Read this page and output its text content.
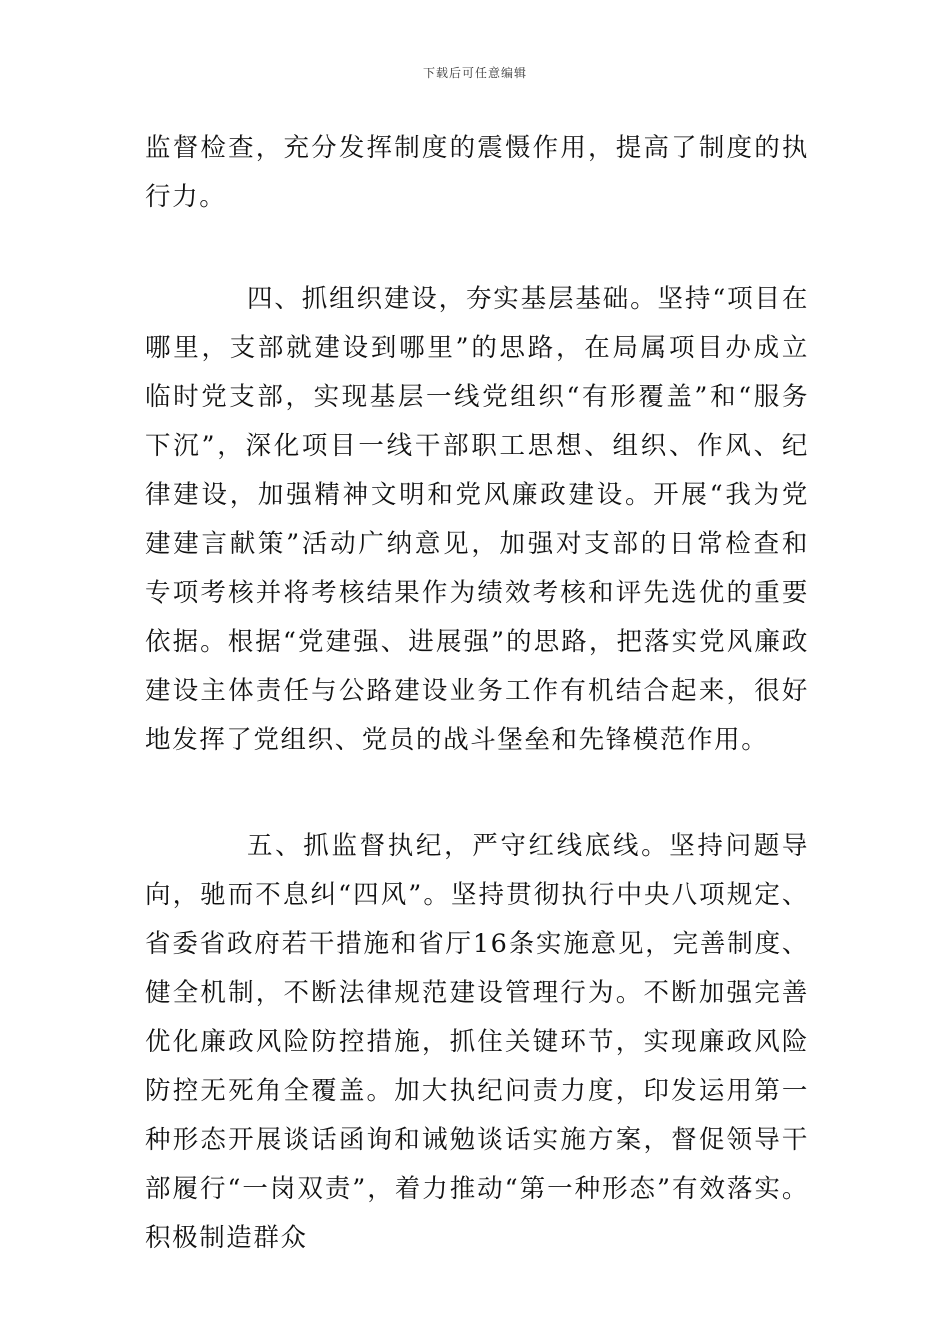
下载后可任意编辑

监督检查，充分发挥制度的震慑作用，提高了制度的执行力。

四、抓组织建设，夯实基层基础。坚持“项目在哪里，支部就建设到哪里”的思路，在局属项目办成立临时党支部，实现基层一线党组织“有形覆盖”和“服务下沉”，深化项目一线干部职工思想、组织、作风、纪律建设，加强精神文明和党风廉政建设。开展“我为党建建言献策”活动广纳意见，加强对支部的日常检查和专项考核并将考核结果作为绩效考核和评先选优的重要依据。根据“党建强、进展强”的思路，把落实党风廉政建设主体责任与公路建设业务工作有机结合起来，很好地发挥了党组织、党员的战斗堡垒和先锋模范作用。

五、抓监督执纪，严守红线底线。坚持问题导向，驰而不息纠“四风”。坚持贯彻执行中央八项规定、省委省政府若干措施和省厅16条实施意见，完善制度、健全机制，不断法律规范建设管理行为。不断加强完善优化廉政风险防控措施，抓住关键环节，实现廉政风险防控无死角全覆盖。加大执纪问责力度，印发运用第一种形态开展谈话函询和诫勉谈话实施方案，督促领导干部履行“一岗双责”，着力推动“第一种形态”有效落实。积极制造群众
